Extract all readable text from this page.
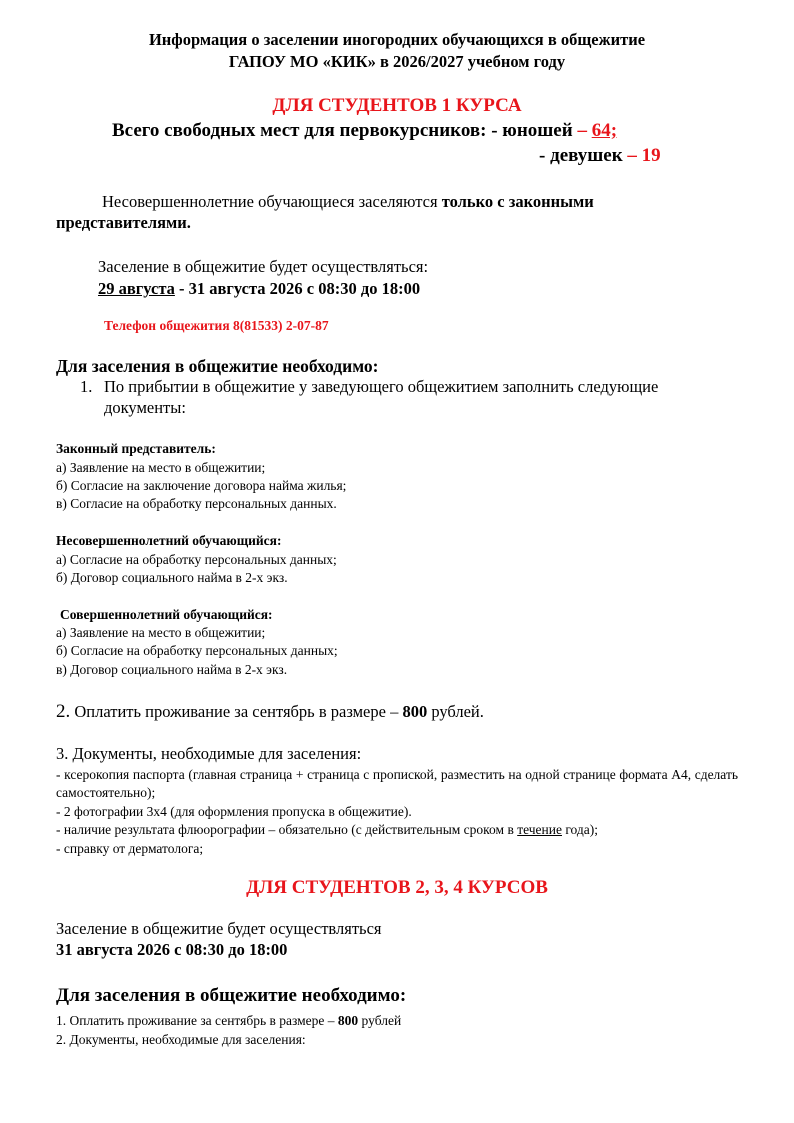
Информация о заселении иногородних обучающихся в общежитие
ГАПОУ МО «КИК» в 2026/2027 учебном году
ДЛЯ СТУДЕНТОВ 1 КУРСА
Всего свободных мест для первокурсников: - юношей – 64;
- девушек – 19
Несовершеннолетние обучающиеся заселяются только с законными
представителями.
Заселение в общежитие будет осуществляться:
29 августа - 31 августа 2026 с 08:30 до 18:00
Телефон общежития 8(81533) 2-07-87
Для заселения в общежитие необходимо:
1. По прибытии в общежитие у заведующего общежитием заполнить следующие
документы:
Законный представитель:
а) Заявление на место в общежитии;
б) Согласие на заключение договора найма жилья;
в) Согласие на обработку персональных данных.
Несовершеннолетний обучающийся:
а) Согласие на обработку персональных данных;
б) Договор социального найма в 2-х экз.
Совершеннолетний обучающийся:
а) Заявление на место в общежитии;
б) Согласие на обработку персональных данных;
в) Договор социального найма в 2-х экз.
2. Оплатить проживание за сентябрь в размере – 800 рублей.
3. Документы, необходимые для заселения:
- ксерокопия паспорта (главная страница + страница с пропиской, разместить на одной странице формата А4, сделать самостоятельно);
- 2 фотографии 3х4 (для оформления пропуска в общежитие).
- наличие результата флюорографии – обязательно (с действительным сроком в течение года);
- справку от дерматолога;
ДЛЯ СТУДЕНТОВ 2, 3, 4 КУРСОВ
Заселение в общежитие будет осуществляться
31 августа 2026 с 08:30 до 18:00
Для заселения в общежитие необходимо:
1. Оплатить проживание за сентябрь в размере – 800 рублей
2. Документы, необходимые для заселения:
